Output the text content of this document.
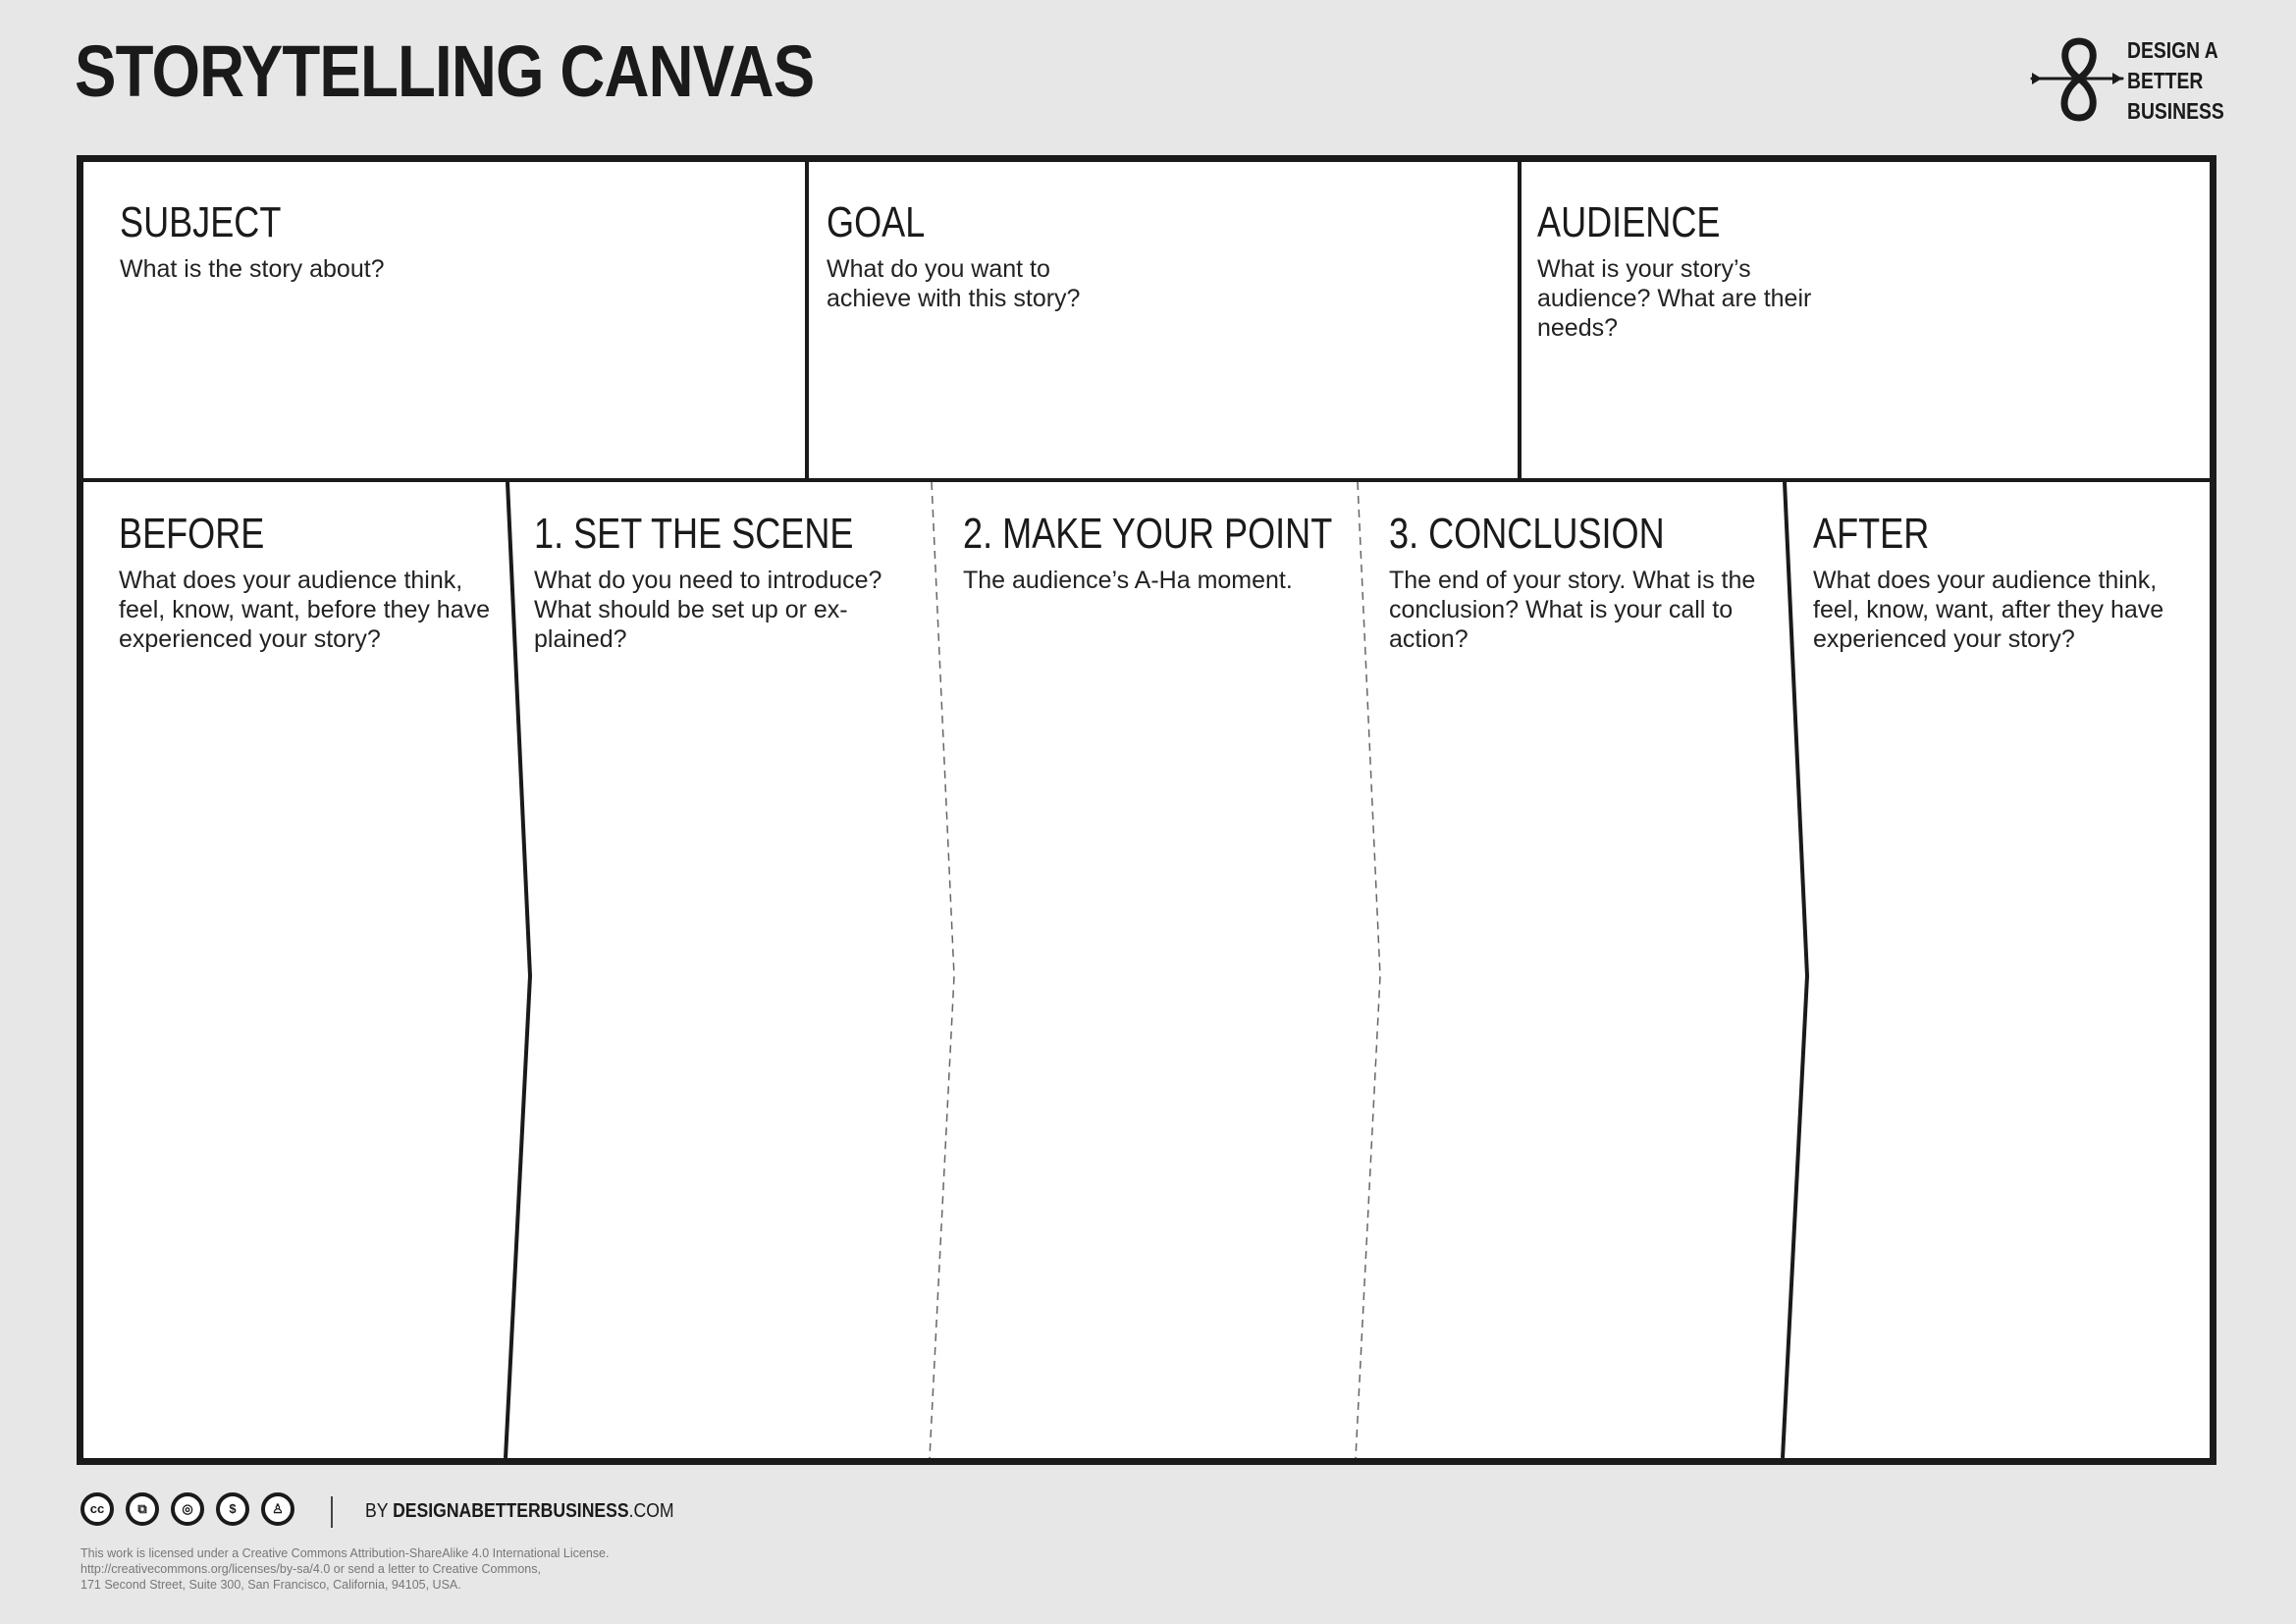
STORYTELLING CANVAS	DESIGN A
BETTER
BUSINESS
SUBJECT

What is the story about?

GOAL

What do you want to
achieve with this story?

AUDIENCE

What is your story’s
audience? What are their
needs?

BEFORE

What does your audience think,
feel, know, want, before they have
experienced your story?

1. SET THE SCENE

What do you need to introduce?
What should be set up or ex-
plained?

2. MAKE YOUR POINT

The audience’s A-Ha moment.

3. CONCLUSION

The end of your story. What is the
conclusion? What is your call to
action?

AFTER

What does your audience think,
feel, know, want, after they have
experienced your story?

cc	⧉	◎	$	♙	BY DESIGNABETTERBUSINESS.COM
This work is licensed under a Creative Commons Attribution-ShareAlike 4.0 International License.
http://creativecommons.org/licenses/by-sa/4.0 or send a letter to Creative Commons,
171 Second Street, Suite 300, San Francisco, California, 94105, USA.
